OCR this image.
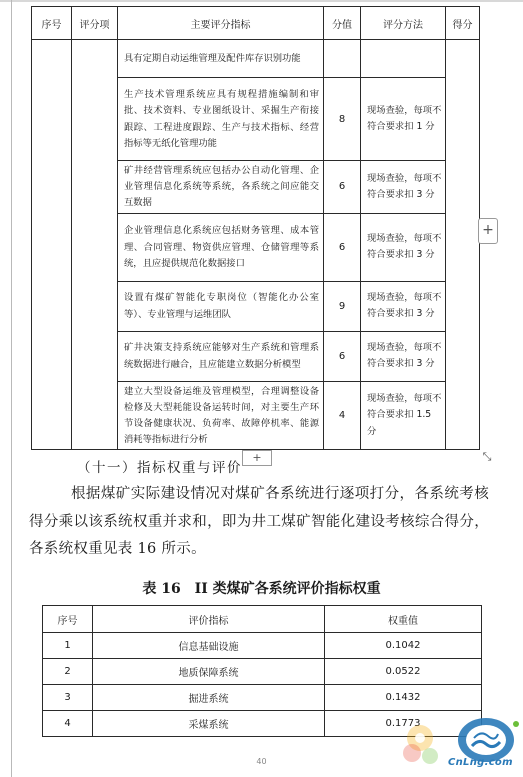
序号	评分项	主要评分指标	分值	评分方法	得分
		具有定期自动运维管理及配件库存识别功能			
		生产技术管理系统应具有规程措施编制和审批、技术资料、专业图纸设计、采掘生产衔接跟踪、工程进度跟踪、生产与技术指标、经营指标等无纸化管理功能	8	现场查验，每项不符合要求扣 1 分	
		矿井经营管理系统应包括办公自动化管理、企业管理信息化系统等系统，各系统之间应能交互数据	6	现场查验，每项不符合要求扣 3 分	
		企业管理信息化系统应包括财务管理、成本管理、合同管理、物资供应管理、仓储管理等系统，且应提供规范化数据接口	6	现场查验，每项不符合要求扣 3 分	
		设置有煤矿智能化专职岗位（智能化办公室等）、专业管理与运维团队	9	现场查验，每项不符合要求扣 3 分	
		矿井决策支持系统应能够对生产系统和管理系统数据进行融合，且应能建立数据分析模型	6	现场查验，每项不符合要求扣 3 分	
		建立大型设备运维及管理模型，合理调整设备检修及大型耗能设备运转时间，对主要生产环节设备健康状况、负荷率、故障停机率、能源消耗等指标进行分析	4	现场查验，每项不符合要求扣 1.5 分	
+
+	⤡
（十一）指标权重与评价
根据煤矿实际建设情况对煤矿各系统进行逐项打分，各系统考核得分乘以该系统权重并求和，即为井工煤矿智能化建设考核综合得分，各系统权重见表 16 所示。
表 16　II 类煤矿各系统评价指标权重
序号	评价指标	权重值
1	信息基础设施	0.1042
2	地质保障系统	0.0522
3	掘进系统	0.1432
4	采煤系统	0.1773
40	CnLng.com
